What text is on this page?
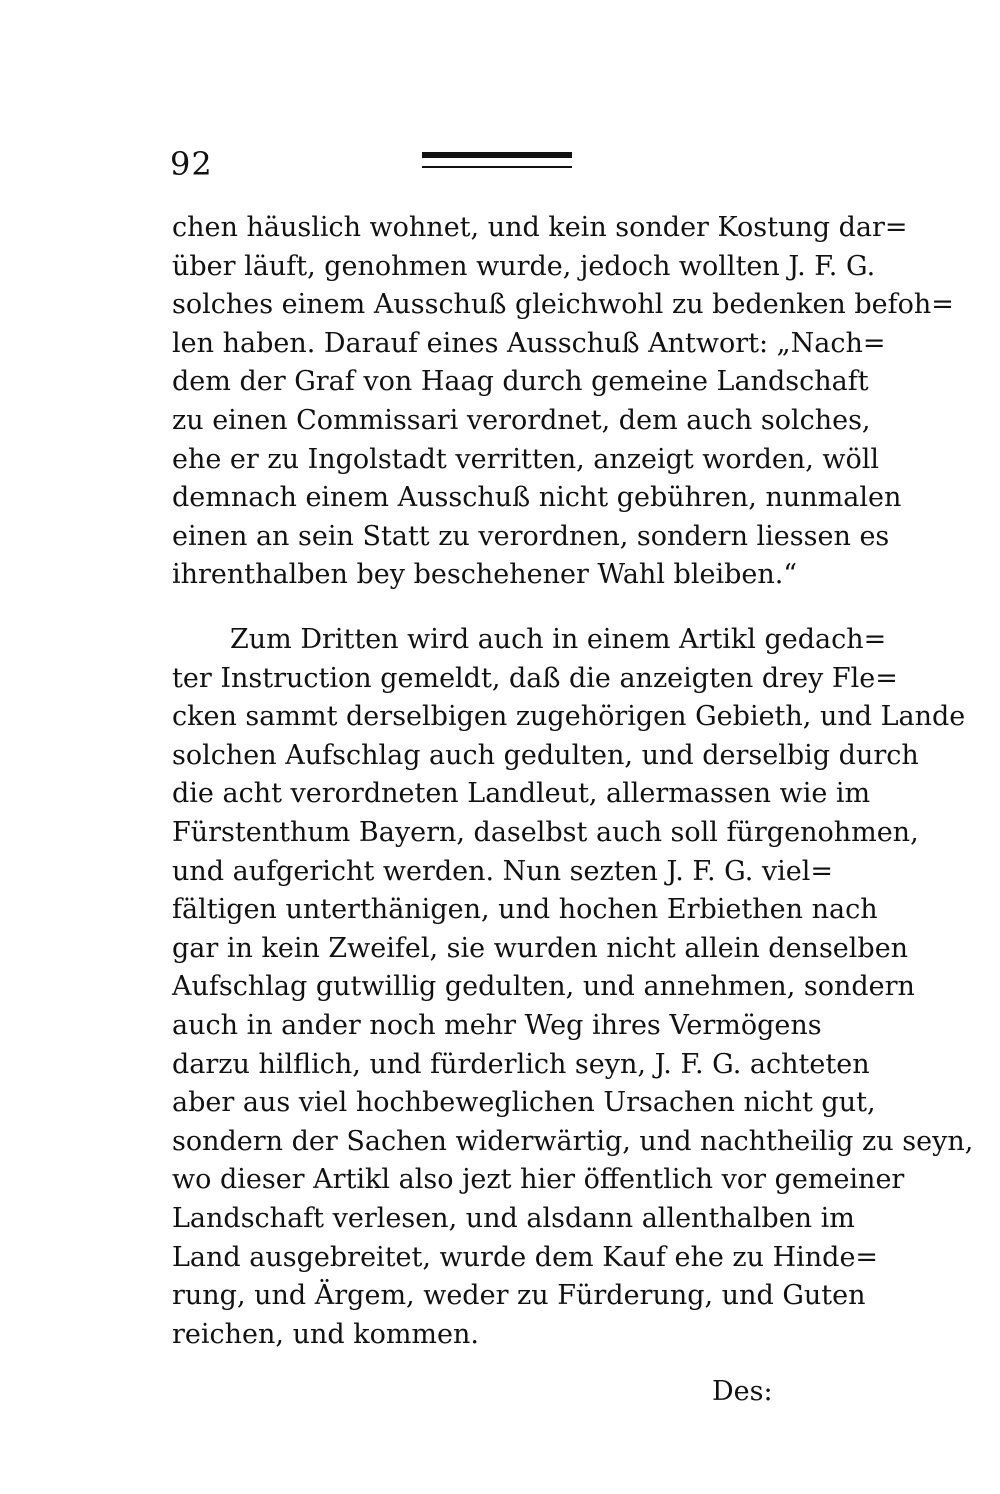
92
chen häuslich wohnet, und kein sonder Kostung dar=
über läuft, genohmen wurde, jedoch wollten J. F. G.
solches einem Ausschuß gleichwohl zu bedenken befoh=
len haben. Darauf eines Ausschuß Antwort: „Nach=
dem der Graf von Haag durch gemeine Landschaft
zu einen Commissari verordnet, dem auch solches,
ehe er zu Ingolstadt verritten, anzeigt worden, wöll
demnach einem Ausschuß nicht gebühren, nunmalen
einen an sein Statt zu verordnen, sondern liessen es
ihrenthalben bey beschehener Wahl bleiben.“
Zum Dritten wird auch in einem Artikl gedach=
ter Instruction gemeldt, daß die anzeigten drey Fle=
cken sammt derselbigen zugehörigen Gebieth, und Lande
solchen Aufschlag auch gedulten, und derselbig durch
die acht verordneten Landleut, allermassen wie im
Fürstenthum Bayern, daselbst auch soll fürgenohmen,
und aufgericht werden. Nun sezten J. F. G. viel=
fältigen unterthänigen, und hochen Erbiethen nach
gar in kein Zweifel, sie wurden nicht allein denselben
Aufschlag gutwillig gedulten, und annehmen, sondern
auch in ander noch mehr Weg ihres Vermögens
darzu hilflich, und fürderlich seyn, J. F. G. achteten
aber aus viel hochbeweglichen Ursachen nicht gut,
sondern der Sachen widerwärtig, und nachtheilig zu seyn,
wo dieser Artikl also jezt hier öffentlich vor gemeiner
Landschaft verlesen, und alsdann allenthalben im
Land ausgebreitet, wurde dem Kauf ehe zu Hinde=
rung, und Ärgem, weder zu Fürderung, und Guten
reichen, und kommen.
Des:
